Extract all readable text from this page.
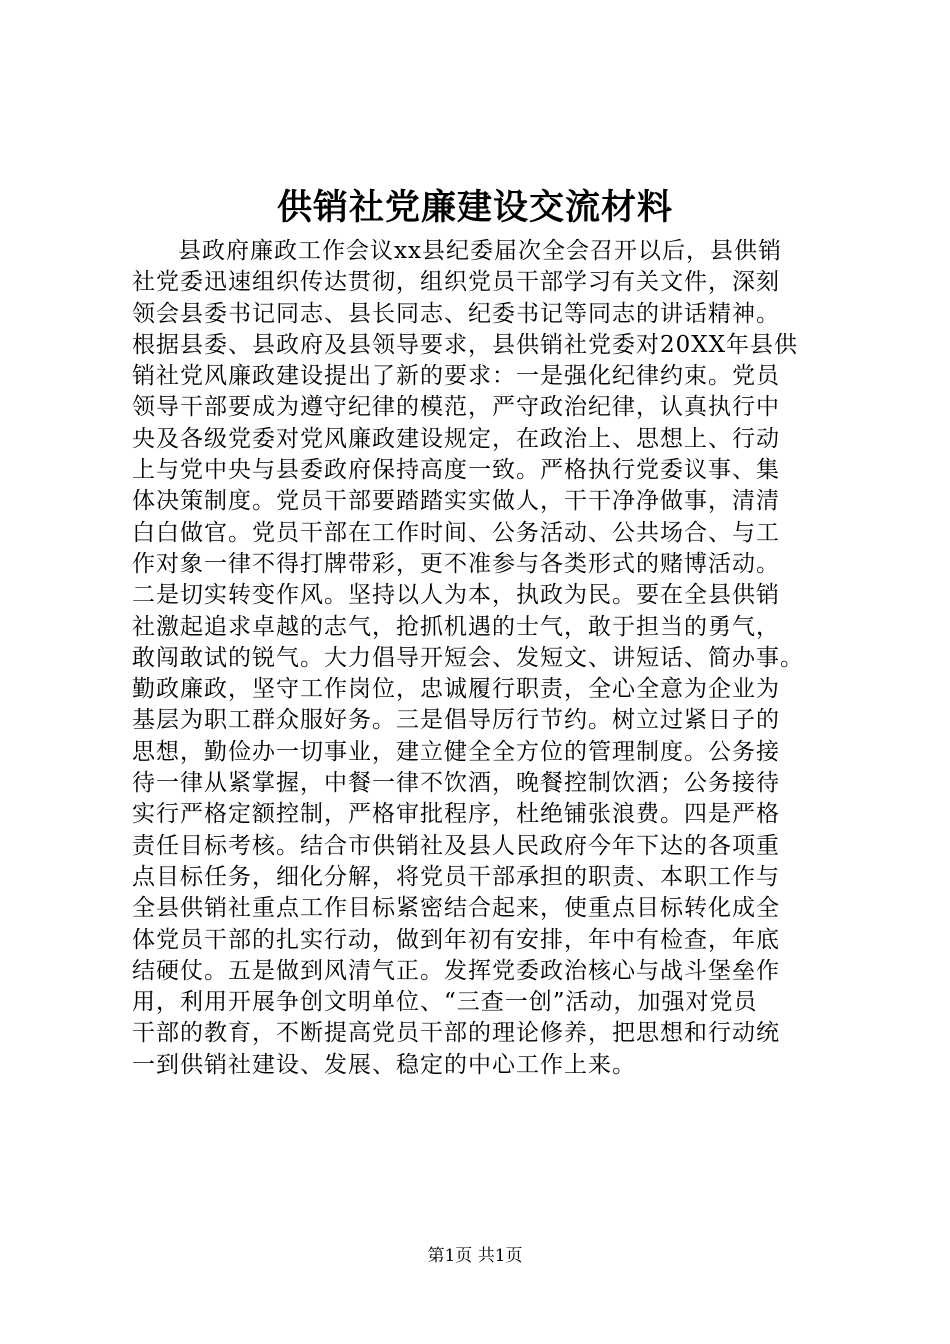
供销社党廉建设交流材料
县政府廉政工作会议xx县纪委届次全会召开以后，县供销
社党委迅速组织传达贯彻，组织党员干部学习有关文件，深刻
领会县委书记同志、县长同志、纪委书记等同志的讲话精神。
根据县委、县政府及县领导要求，县供销社党委对20XX年县供
销社党风廉政建设提出了新的要求：一是强化纪律约束。党员
领导干部要成为遵守纪律的模范，严守政治纪律，认真执行中
央及各级党委对党风廉政建设规定，在政治上、思想上、行动
上与党中央与县委政府保持高度一致。严格执行党委议事、集
体决策制度。党员干部要踏踏实实做人，干干净净做事，清清
白白做官。党员干部在工作时间、公务活动、公共场合、与工
作对象一律不得打牌带彩，更不准参与各类形式的赌博活动。
二是切实转变作风。坚持以人为本，执政为民。要在全县供销
社激起追求卓越的志气，抢抓机遇的士气，敢于担当的勇气，
敢闯敢试的锐气。大力倡导开短会、发短文、讲短话、简办事。
勤政廉政，坚守工作岗位，忠诚履行职责，全心全意为企业为
基层为职工群众服好务。三是倡导厉行节约。树立过紧日子的
思想，勤俭办一切事业，建立健全全方位的管理制度。公务接
待一律从紧掌握，中餐一律不饮酒，晚餐控制饮酒；公务接待
实行严格定额控制，严格审批程序，杜绝铺张浪费。四是严格
责任目标考核。结合市供销社及县人民政府今年下达的各项重
点目标任务，细化分解，将党员干部承担的职责、本职工作与
全县供销社重点工作目标紧密结合起来，使重点目标转化成全
体党员干部的扎实行动，做到年初有安排，年中有检查，年底
结硬仗。五是做到风清气正。发挥党委政治核心与战斗堡垒作
用，利用开展争创文明单位、“三查一创”活动，加强对党员
干部的教育，不断提高党员干部的理论修养，把思想和行动统
一到供销社建设、发展、稳定的中心工作上来。
第1页 共1页
